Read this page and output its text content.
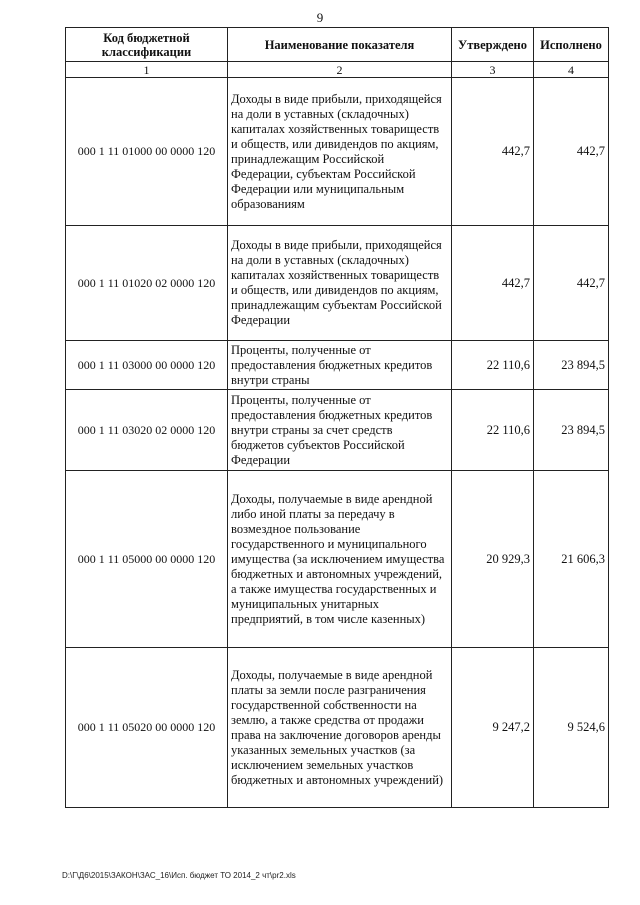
9
Код бюджетной классификации	Наименование показателя	Утверждено	Исполнено
1	2	3	4
000 1 11 01000 00 0000 120	Доходы в виде прибыли, приходящейся на доли в уставных (складочных) капиталах хозяйственных товариществ и обществ, или дивидендов по акциям, принадлежащим Российской Федерации, субъектам Российской Федерации или муниципальным образованиям	442,7	442,7
000 1 11 01020 02 0000 120	Доходы в виде прибыли, приходящейся на доли в уставных (складочных) капиталах хозяйственных товариществ и обществ, или дивидендов по акциям, принадлежащим субъектам Российской Федерации	442,7	442,7
000 1 11 03000 00 0000 120	Проценты, полученные от предоставления бюджетных кредитов внутри страны	22 110,6	23 894,5
000 1 11 03020 02 0000 120	Проценты, полученные от предоставления бюджетных кредитов внутри страны за счет средств бюджетов субъектов Российской Федерации	22 110,6	23 894,5
000 1 11 05000 00 0000 120	Доходы, получаемые в виде арендной либо иной платы за передачу в возмездное пользование государственного и муниципального имущества (за исключением имущества бюджетных и автономных учреждений, а также имущества государственных и муниципальных унитарных предприятий, в том числе казенных)	20 929,3	21 606,3
000 1 11 05020 00 0000 120	Доходы, получаемые в виде арендной платы за земли после разграничения государственной собственности на землю, а также средства от продажи права на заключение договоров аренды указанных земельных участков (за исключением земельных участков бюджетных и автономных учреждений)	9 247,2	9 524,6
D:\Г\Д6\2015\ЗАКОН\ЗАС_16\Исп. бюджет ТО 2014_2 чт\pr2.xls
